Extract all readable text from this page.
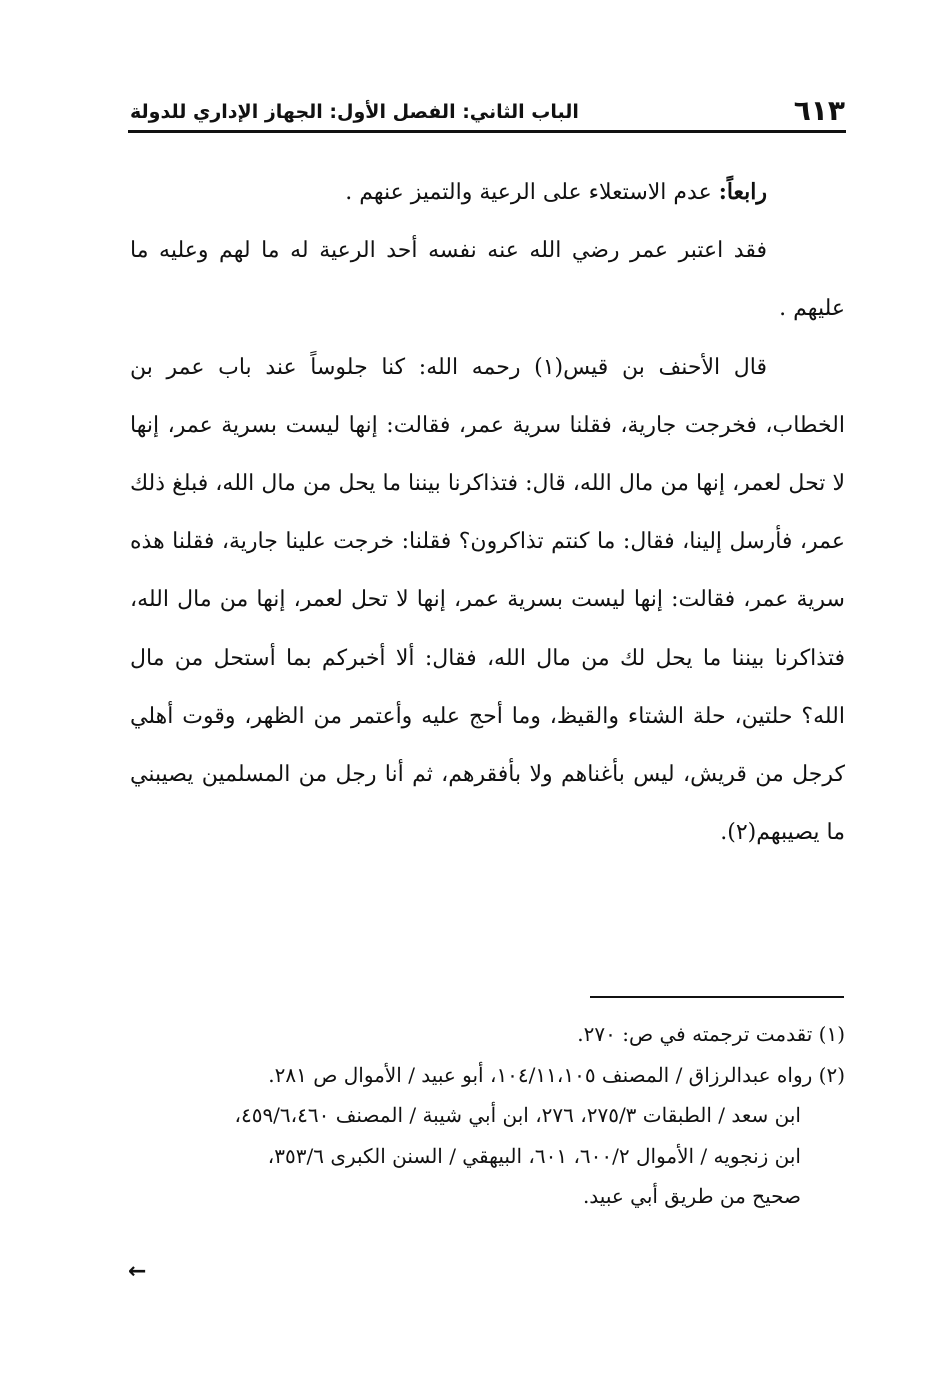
٦١٣
الباب الثاني: الفصل الأول: الجهاز الإداري للدولة

رابعاً: عدم الاستعلاء على الرعية والتميز عنهم .

فقد اعتبر عمر رضي الله عنه نفسه أحد الرعية له ما لهم وعليه ما عليهم .

قال الأحنف بن قيس(١) رحمه الله: كنا جلوساً عند باب عمر بن الخطاب، فخرجت جارية، فقلنا سرية عمر، فقالت: إنها ليست بسرية عمر، إنها لا تحل لعمر، إنها من مال الله، قال: فتذاكرنا بيننا ما يحل من مال الله، فبلغ ذلك عمر، فأرسل إلينا، فقال: ما كنتم تذاكرون؟ فقلنا: خرجت علينا جارية، فقلنا هذه سرية عمر، فقالت: إنها ليست بسرية عمر، إنها لا تحل لعمر، إنها من مال الله، فتذاكرنا بيننا ما يحل لك من مال الله، فقال: ألا أخبركم بما أستحل من مال الله؟ حلتين، حلة الشتاء والقيظ، وما أحج عليه وأعتمر من الظهر، وقوت أهلي كرجل من قريش، ليس بأغناهم ولا بأفقرهم، ثم أنا رجل من المسلمين يصيبني ما يصيبهم(٢).

(١) تقدمت ترجمته في ص: ٢٧٠.

(٢) رواه عبدالرزاق / المصنف ١٠٤/١١،١٠٥، أبو عبيد / الأموال ص ٢٨١.

ابن سعد / الطبقات ٢٧٥/٣، ٢٧٦، ابن أبي شيبة / المصنف ٤٥٩/٦،٤٦٠،

ابن زنجويه / الأموال ٦٠٠/٢، ٦٠١، البيهقي / السنن الكبرى ٣٥٣/٦،

صحيح من طريق أبي عبيد.

←
